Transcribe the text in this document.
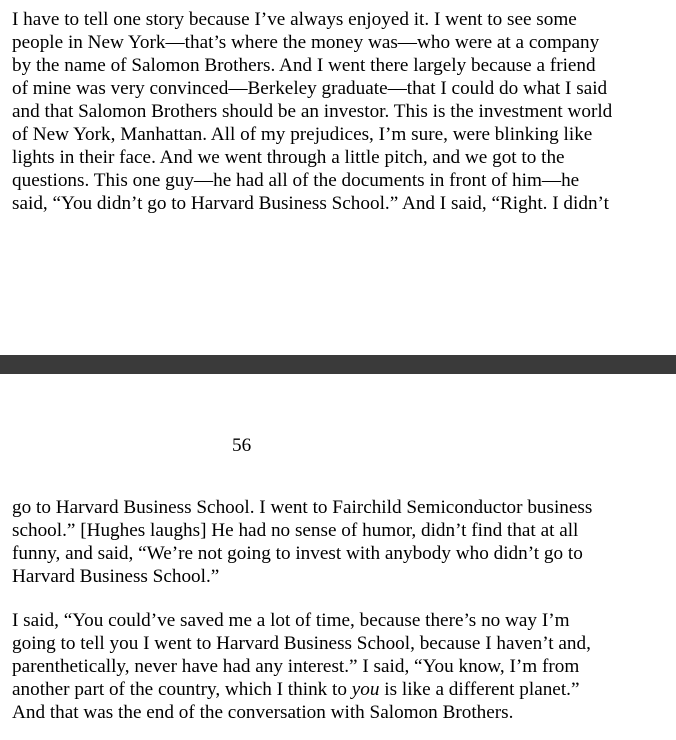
I have to tell one story because I’ve always enjoyed it. I went to see some
people in New York—that’s where the money was—who were at a company
by the name of Salomon Brothers. And I went there largely because a friend
of mine was very convinced—Berkeley graduate—that I could do what I said
and that Salomon Brothers should be an investor. This is the investment world
of New York, Manhattan. All of my prejudices, I’m sure, were blinking like
lights in their face. And we went through a little pitch, and we got to the
questions. This one guy—he had all of the documents in front of him—he
said, “You didn’t go to Harvard Business School.” And I said, “Right. I didn’t
56
go to Harvard Business School. I went to Fairchild Semiconductor business
school.” [Hughes laughs] He had no sense of humor, didn’t find that at all
funny, and said, “We’re not going to invest with anybody who didn’t go to
Harvard Business School.”
I said, “You could’ve saved me a lot of time, because there’s no way I’m
going to tell you I went to Harvard Business School, because I haven’t and,
parenthetically, never have had any interest.” I said, “You know, I’m from
another part of the country, which I think to you is like a different planet.”
And that was the end of the conversation with Salomon Brothers.
